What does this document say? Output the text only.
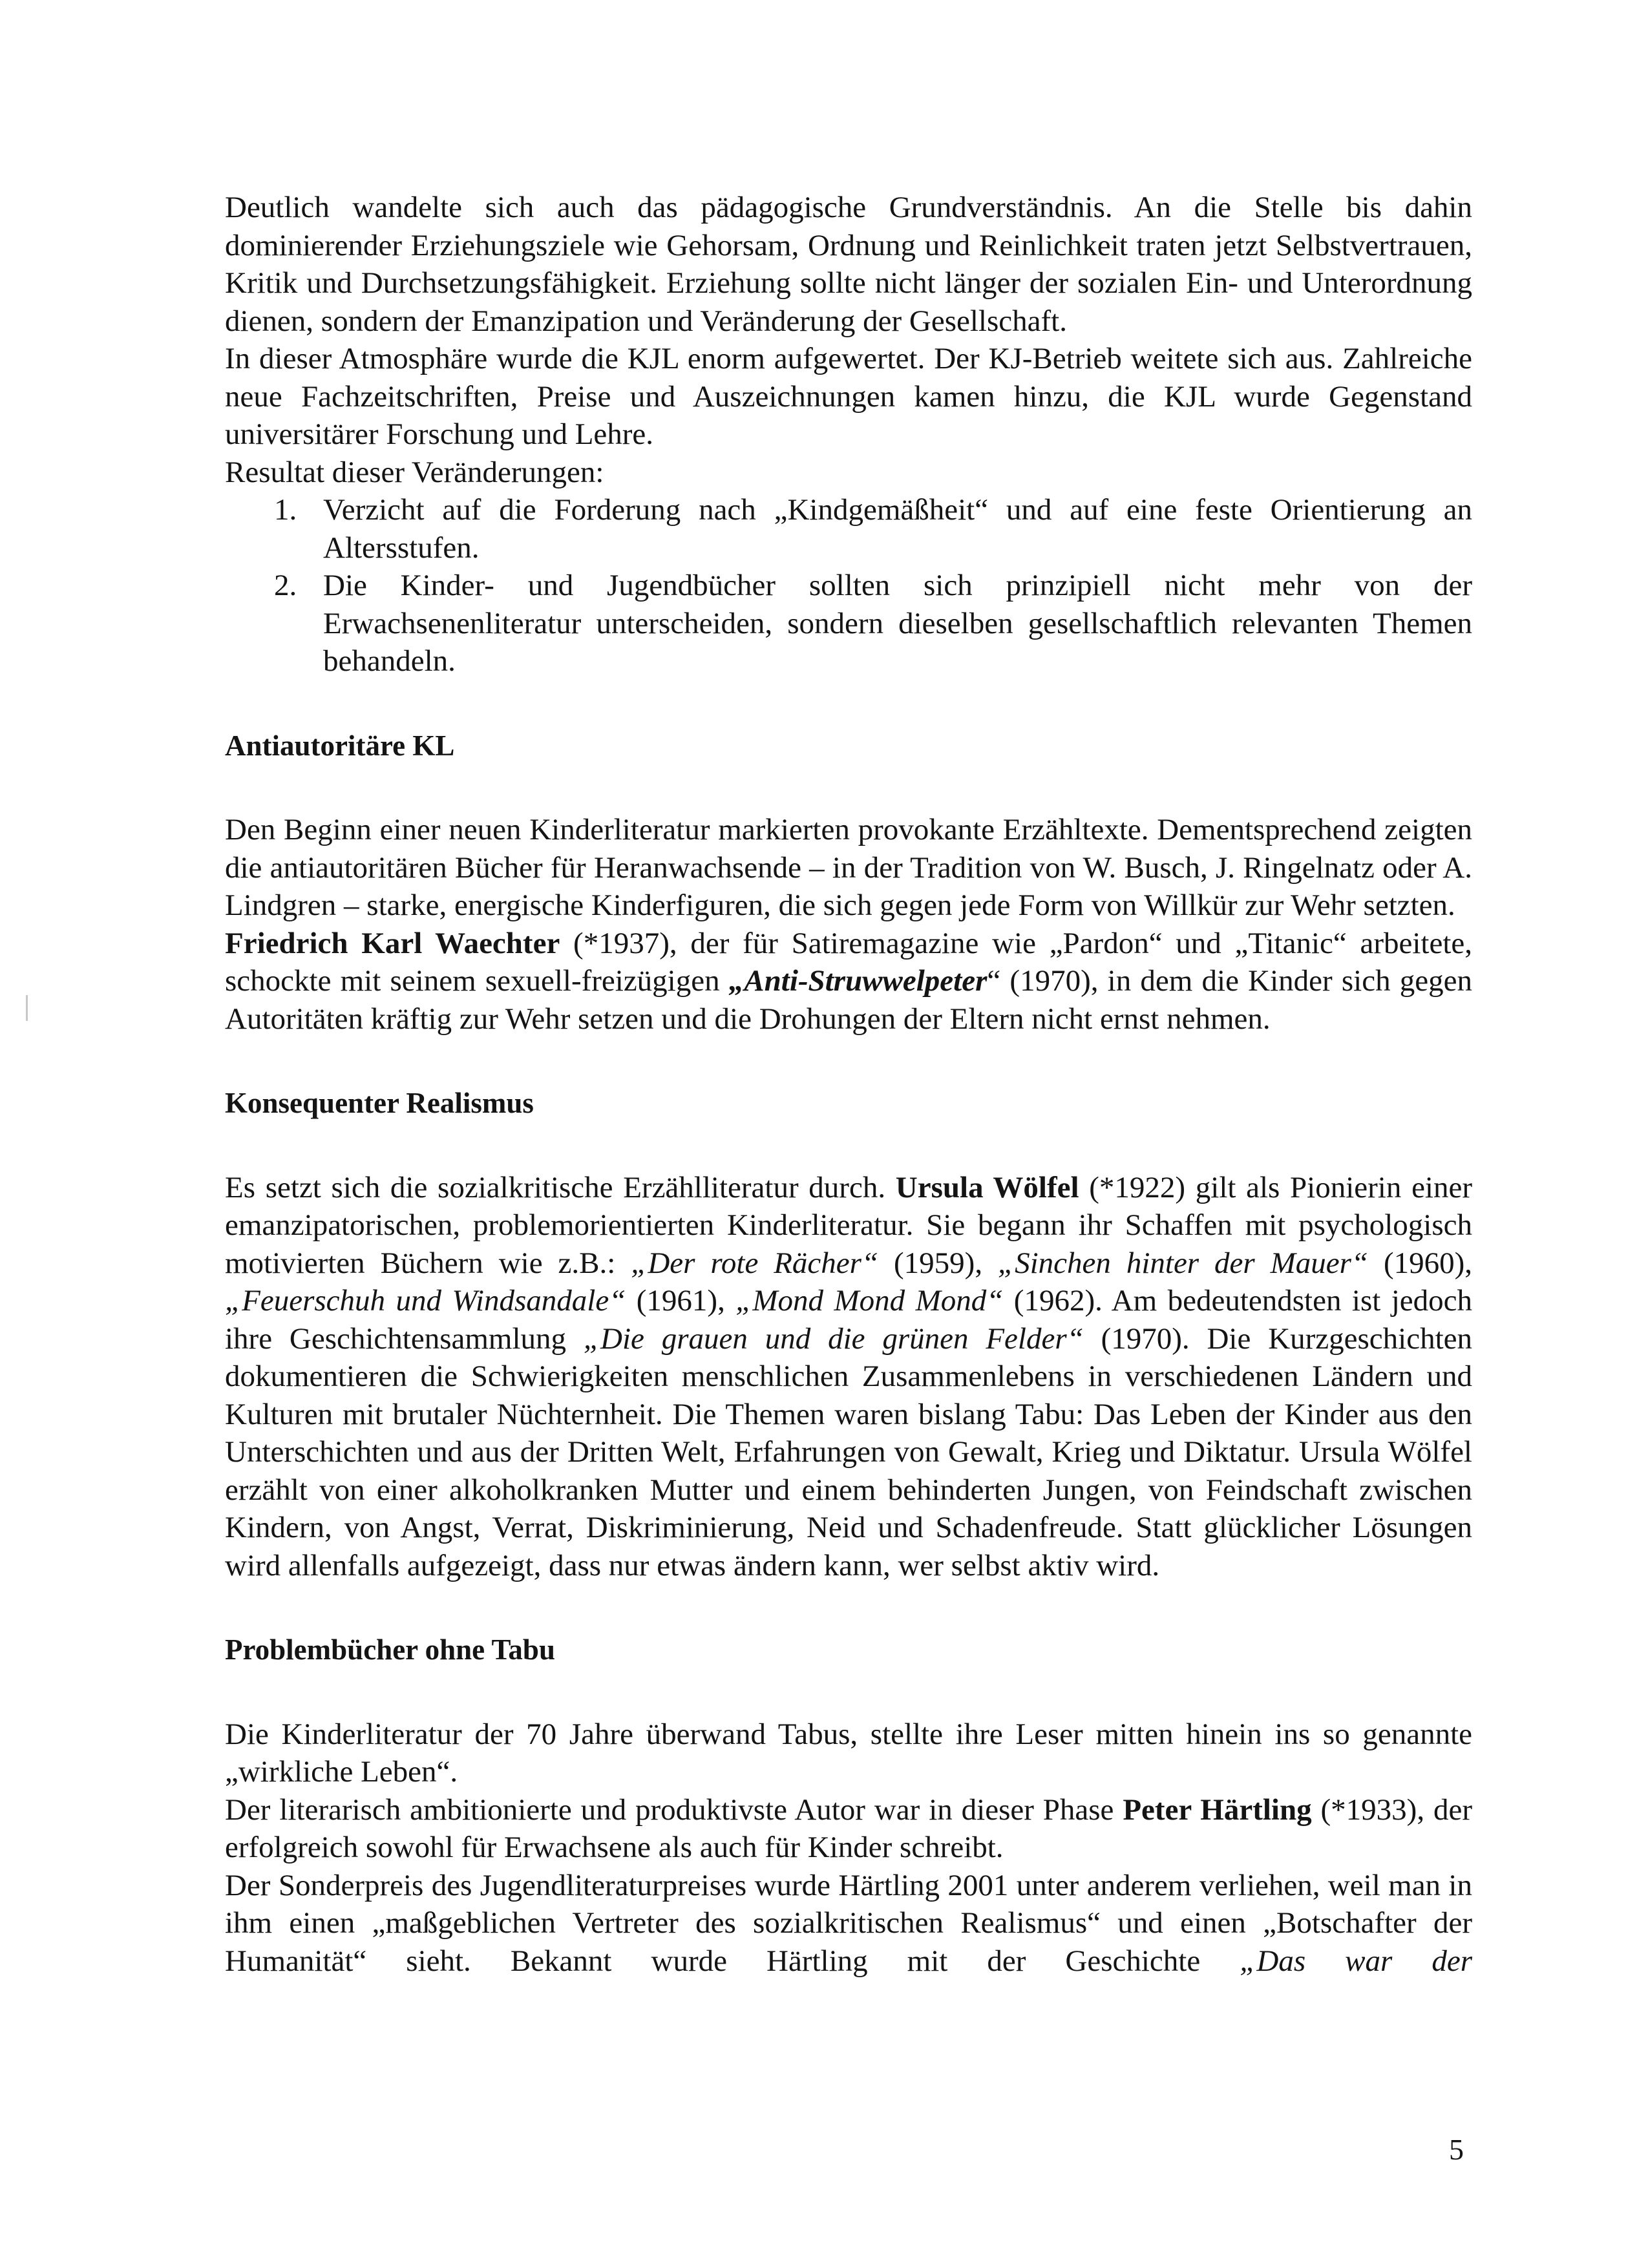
Deutlich wandelte sich auch das pädagogische Grundverständnis. An die Stelle bis dahin dominierender Erziehungsziele wie Gehorsam, Ordnung und Reinlichkeit traten jetzt Selbstvertrauen, Kritik und Durchsetzungsfähigkeit. Erziehung sollte nicht länger der sozialen Ein- und Unterordnung dienen, sondern der Emanzipation und Veränderung der Gesellschaft.

In dieser Atmosphäre wurde die KJL enorm aufgewertet. Der KJ-Betrieb weitete sich aus. Zahlreiche neue Fachzeitschriften, Preise und Auszeichnungen kamen hinzu, die KJL wurde Gegenstand universitärer Forschung und Lehre.

Resultat dieser Veränderungen:

1. Verzicht auf die Forderung nach „Kindgemäßheit“ und auf eine feste Orientierung an Altersstufen.
2. Die Kinder- und Jugendbücher sollten sich prinzipiell nicht mehr von der Erwachsenenliteratur unterscheiden, sondern dieselben gesellschaftlich relevanten Themen behandeln.
Antiautoritäre KL

Den Beginn einer neuen Kinderliteratur markierten provokante Erzähltexte. Dementsprechend zeigten die antiautoritären Bücher für Heranwachsende – in der Tradition von W. Busch, J. Ringelnatz oder A. Lindgren – starke, energische Kinderfiguren, die sich gegen jede Form von Willkür zur Wehr setzten.

Friedrich Karl Waechter (*1937), der für Satiremagazine wie „Pardon“ und „Titanic“ arbeitete, schockte mit seinem sexuell-freizügigen „Anti-Struwwelpeter“ (1970), in dem die Kinder sich gegen Autoritäten kräftig zur Wehr setzen und die Drohungen der Eltern nicht ernst nehmen.

Konsequenter Realismus

Es setzt sich die sozialkritische Erzählliteratur durch. Ursula Wölfel (*1922) gilt als Pionierin einer emanzipatorischen, problemorientierten Kinderliteratur. Sie begann ihr Schaffen mit psychologisch motivierten Büchern wie z.B.: „Der rote Rächer“ (1959), „Sinchen hinter der Mauer“ (1960), „Feuerschuh und Windsandale“ (1961), „Mond Mond Mond“ (1962). Am bedeutendsten ist jedoch ihre Geschichtensammlung „Die grauen und die grünen Felder“ (1970). Die Kurzgeschichten dokumentieren die Schwierigkeiten menschlichen Zusammenlebens in verschiedenen Ländern und Kulturen mit brutaler Nüchternheit. Die Themen waren bislang Tabu: Das Leben der Kinder aus den Unterschichten und aus der Dritten Welt, Erfahrungen von Gewalt, Krieg und Diktatur. Ursula Wölfel erzählt von einer alkoholkranken Mutter und einem behinderten Jungen, von Feindschaft zwischen Kindern, von Angst, Verrat, Diskriminierung, Neid und Schadenfreude. Statt glücklicher Lösungen wird allenfalls aufgezeigt, dass nur etwas ändern kann, wer selbst aktiv wird.

Problembücher ohne Tabu

Die Kinderliteratur der 70 Jahre überwand Tabus, stellte ihre Leser mitten hinein ins so genannte „wirkliche Leben“.

Der literarisch ambitionierte und produktivste Autor war in dieser Phase Peter Härtling (*1933), der erfolgreich sowohl für Erwachsene als auch für Kinder schreibt.

Der Sonderpreis des Jugendliteraturpreises wurde Härtling 2001 unter anderem verliehen, weil man in ihm einen „maßgeblichen Vertreter des sozialkritischen Realismus“ und einen „Botschafter der Humanität“ sieht. Bekannt wurde Härtling mit der Geschichte „Das war der

5
